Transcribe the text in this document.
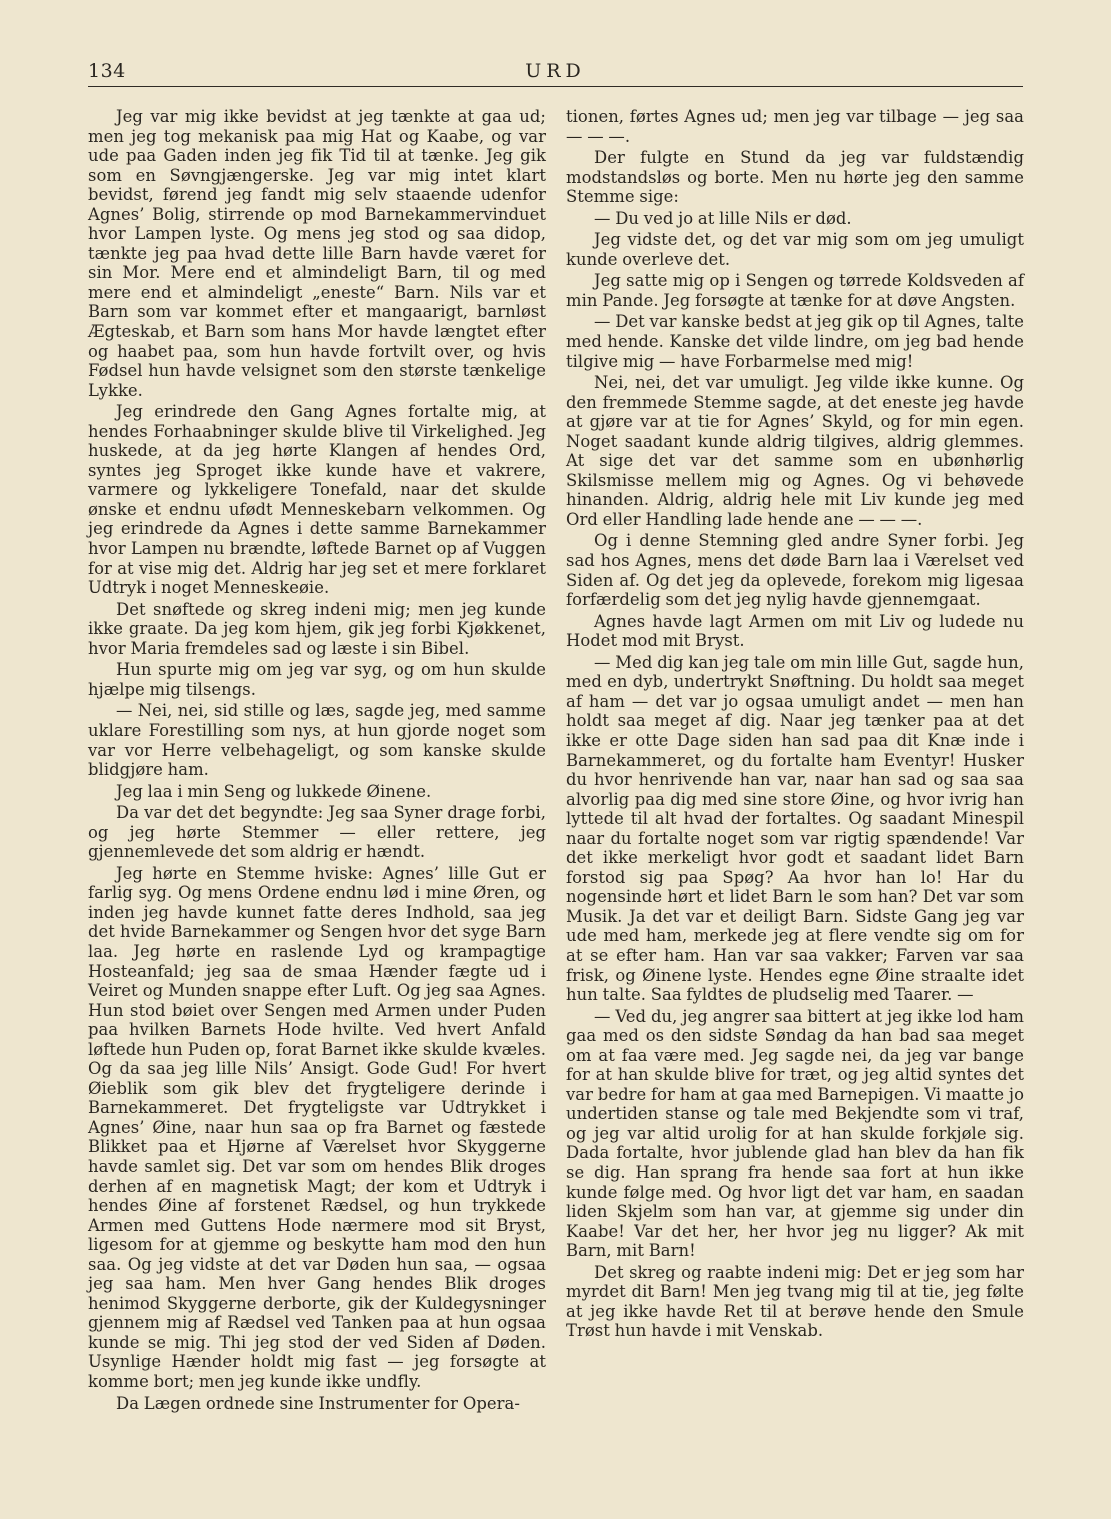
134	URD

Jeg var mig ikke bevidst at jeg tænkte at gaa ud; men jeg tog mekanisk paa mig Hat og Kaabe, og var ude paa Gaden inden jeg fik Tid til at tænke. Jeg gik som en Søvngjængerske. Jeg var mig intet klart bevidst, førend jeg fandt mig selv staaende udenfor Agnes’ Bolig, stirrende op mod Barnekammervinduet hvor Lampen lyste. Og mens jeg stod og saa didop, tænkte jeg paa hvad dette lille Barn havde været for sin Mor. Mere end et almindeligt Barn, til og med mere end et almindeligt „eneste“ Barn. Nils var et Barn som var kommet efter et mangaarigt, barnløst Ægteskab, et Barn som hans Mor havde længtet efter og haabet paa, som hun havde fortvilt over, og hvis Fødsel hun havde velsignet som den største tænkelige Lykke.

Jeg erindrede den Gang Agnes fortalte mig, at hendes Forhaabninger skulde blive til Virkelighed. Jeg huskede, at da jeg hørte Klangen af hendes Ord, syntes jeg Sproget ikke kunde have et vakrere, varmere og lykkeligere Tonefald, naar det skulde ønske et endnu ufødt Menneskebarn velkommen. Og jeg erindrede da Agnes i dette samme Barnekammer hvor Lampen nu brændte, løftede Barnet op af Vuggen for at vise mig det. Aldrig har jeg set et mere forklaret Udtryk i noget Menneskeøie.

Det snøftede og skreg indeni mig; men jeg kunde ikke graate. Da jeg kom hjem, gik jeg forbi Kjøkkenet, hvor Maria fremdeles sad og læste i sin Bibel.

Hun spurte mig om jeg var syg, og om hun skulde hjælpe mig tilsengs.

— Nei, nei, sid stille og læs, sagde jeg, med samme uklare Forestilling som nys, at hun gjorde noget som var vor Herre velbehageligt, og som kanske skulde blidgjøre ham.

Jeg laa i min Seng og lukkede Øinene.

Da var det det begyndte: Jeg saa Syner drage forbi, og jeg hørte Stemmer — eller rettere, jeg gjennemlevede det som aldrig er hændt.

Jeg hørte en Stemme hviske: Agnes’ lille Gut er farlig syg. Og mens Ordene endnu lød i mine Øren, og inden jeg havde kunnet fatte deres Indhold, saa jeg det hvide Barnekammer og Sengen hvor det syge Barn laa. Jeg hørte en raslende Lyd og krampagtige Hosteanfald; jeg saa de smaa Hænder fægte ud i Veiret og Munden snappe efter Luft. Og jeg saa Agnes. Hun stod bøiet over Sengen med Armen under Puden paa hvilken Barnets Hode hvilte. Ved hvert Anfald løftede hun Puden op, forat Barnet ikke skulde kvæles. Og da saa jeg lille Nils’ Ansigt. Gode Gud! For hvert Øieblik som gik blev det frygteligere derinde i Barnekammeret. Det frygteligste var Udtrykket i Agnes’ Øine, naar hun saa op fra Barnet og fæstede Blikket paa et Hjørne af Værelset hvor Skyggerne havde samlet sig. Det var som om hendes Blik droges derhen af en magnetisk Magt; der kom et Udtryk i hendes Øine af forstenet Rædsel, og hun trykkede Armen med Guttens Hode nærmere mod sit Bryst, ligesom for at gjemme og beskytte ham mod den hun saa. Og jeg vidste at det var Døden hun saa, — ogsaa jeg saa ham. Men hver Gang hendes Blik droges henimod Skyggerne derborte, gik der Kuldegysninger gjennem mig af Rædsel ved Tanken paa at hun ogsaa kunde se mig. Thi jeg stod der ved Siden af Døden. Usynlige Hænder holdt mig fast — jeg forsøgte at komme bort; men jeg kunde ikke undfly.

Da Lægen ordnede sine Instrumenter for Opera-

tionen, førtes Agnes ud; men jeg var tilbage — jeg saa — — —.

Der fulgte en Stund da jeg var fuldstændig modstandsløs og borte. Men nu hørte jeg den samme Stemme sige:

— Du ved jo at lille Nils er død.

Jeg vidste det, og det var mig som om jeg umuligt kunde overleve det.

Jeg satte mig op i Sengen og tørrede Koldsveden af min Pande. Jeg forsøgte at tænke for at døve Angsten.

— Det var kanske bedst at jeg gik op til Agnes, talte med hende. Kanske det vilde lindre, om jeg bad hende tilgive mig — have Forbarmelse med mig!

Nei, nei, det var umuligt. Jeg vilde ikke kunne. Og den fremmede Stemme sagde, at det eneste jeg havde at gjøre var at tie for Agnes’ Skyld, og for min egen. Noget saadant kunde aldrig tilgives, aldrig glemmes. At sige det var det samme som en ubønhørlig Skilsmisse mellem mig og Agnes. Og vi behøvede hinanden. Aldrig, aldrig hele mit Liv kunde jeg med Ord eller Handling lade hende ane — — —.

Og i denne Stemning gled andre Syner forbi. Jeg sad hos Agnes, mens det døde Barn laa i Værelset ved Siden af. Og det jeg da oplevede, forekom mig ligesaa forfærdelig som det jeg nylig havde gjennemgaat.

Agnes havde lagt Armen om mit Liv og ludede nu Hodet mod mit Bryst.

— Med dig kan jeg tale om min lille Gut, sagde hun, med en dyb, undertrykt Snøftning. Du holdt saa meget af ham — det var jo ogsaa umuligt andet — men han holdt saa meget af dig. Naar jeg tænker paa at det ikke er otte Dage siden han sad paa dit Knæ inde i Barnekammeret, og du fortalte ham Eventyr! Husker du hvor henrivende han var, naar han sad og saa saa alvorlig paa dig med sine store Øine, og hvor ivrig han lyttede til alt hvad der fortaltes. Og saadant Minespil naar du fortalte noget som var rigtig spændende! Var det ikke merkeligt hvor godt et saadant lidet Barn forstod sig paa Spøg? Aa hvor han lo! Har du nogensinde hørt et lidet Barn le som han? Det var som Musik. Ja det var et deiligt Barn. Sidste Gang jeg var ude med ham, merkede jeg at flere vendte sig om for at se efter ham. Han var saa vakker; Farven var saa frisk, og Øinene lyste. Hendes egne Øine straalte idet hun talte. Saa fyldtes de pludselig med Taarer. —

— Ved du, jeg angrer saa bittert at jeg ikke lod ham gaa med os den sidste Søndag da han bad saa meget om at faa være med. Jeg sagde nei, da jeg var bange for at han skulde blive for træt, og jeg altid syntes det var bedre for ham at gaa med Barnepigen. Vi maatte jo undertiden stanse og tale med Bekjendte som vi traf, og jeg var altid urolig for at han skulde forkjøle sig. Dada fortalte, hvor jublende glad han blev da han fik se dig. Han sprang fra hende saa fort at hun ikke kunde følge med. Og hvor ligt det var ham, en saadan liden Skjelm som han var, at gjemme sig under din Kaabe! Var det her, her hvor jeg nu ligger? Ak mit Barn, mit Barn!

Det skreg og raabte indeni mig: Det er jeg som har myrdet dit Barn! Men jeg tvang mig til at tie, jeg følte at jeg ikke havde Ret til at berøve hende den Smule Trøst hun havde i mit Venskab.
